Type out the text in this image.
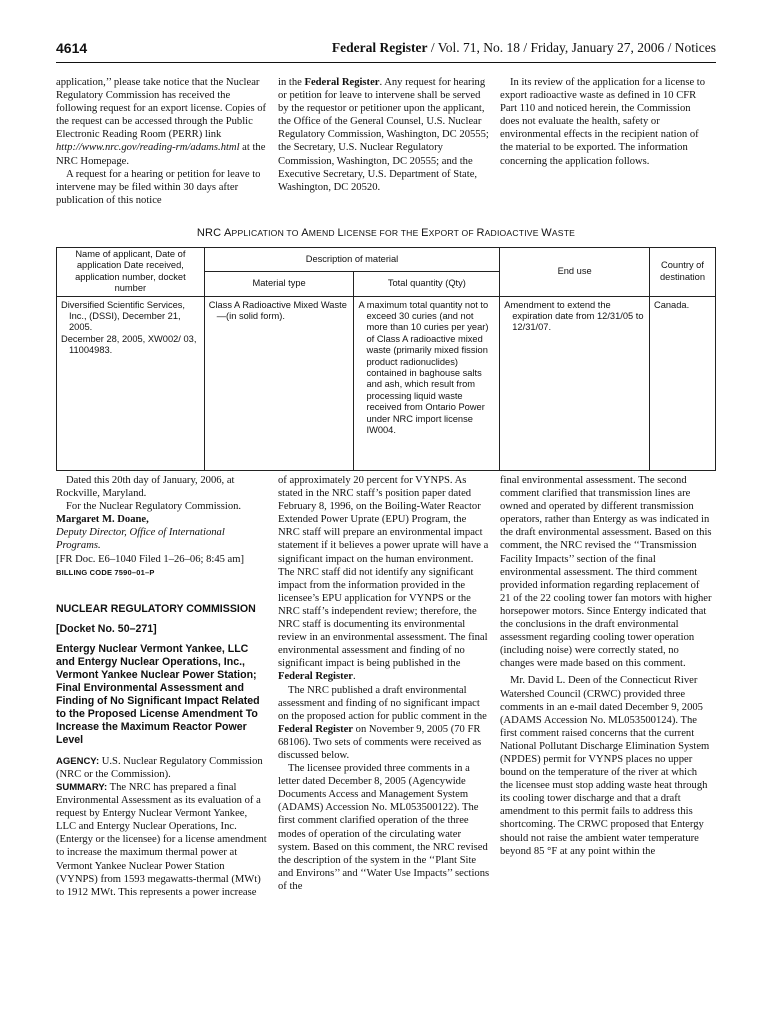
4614	Federal Register / Vol. 71, No. 18 / Friday, January 27, 2006 / Notices

application,’’ please take notice that the Nuclear Regulatory Commission has received the following request for an export license. Copies of the request can be accessed through the Public Electronic Reading Room (PERR) link http://www.nrc.gov/reading-rm/adams.html at the NRC Homepage.

A request for a hearing or petition for leave to intervene may be filed within 30 days after publication of this notice

in the Federal Register. Any request for hearing or petition for leave to intervene shall be served by the requestor or petitioner upon the applicant, the Office of the General Counsel, U.S. Nuclear Regulatory Commission, Washington, DC 20555; the Secretary, U.S. Nuclear Regulatory Commission, Washington, DC 20555; and the Executive Secretary, U.S. Department of State, Washington, DC 20520.

In its review of the application for a license to export radioactive waste as defined in 10 CFR Part 110 and noticed herein, the Commission does not evaluate the health, safety or environmental effects in the recipient nation of the material to be exported. The information concerning the application follows.

NRC APPLICATION TO AMEND LICENSE FOR THE EXPORT OF RADIOACTIVE WASTE
Name of applicant, Date of application Date received, application number, docket number	Description of material		End use	Country of destination
	Material type	Total quantity (Qty)		

Diversified Scientific Services, Inc., (DSSI), December 21, 2005.
December 28, 2005, XW002/ 03, 11004983.	Class A Radioactive Mixed Waste—(in solid form).	A maximum total quantity not to exceed 30 curies (and not more than 10 curies per year) of Class A radioactive mixed waste (primarily mixed fission product radionuclides) contained in baghouse salts and ash, which result from processing liquid waste received from Ontario Power under NRC import license IW004.	Amendment to extend the expiration date from 12/31/05 to 12/31/07.	Canada.

Dated this 20th day of January, 2006, at Rockville, Maryland.

For the Nuclear Regulatory Commission.

Margaret M. Doane,

Deputy Director, Office of International Programs.

[FR Doc. E6–1040 Filed 1–26–06; 8:45 am]

BILLING CODE 7590–01–P

NUCLEAR REGULATORY COMMISSION

[Docket No. 50–271]

Entergy Nuclear Vermont Yankee, LLC and Entergy Nuclear Operations, Inc., Vermont Yankee Nuclear Power Station; Final Environmental Assessment and Finding of No Significant Impact Related to the Proposed License Amendment To Increase the Maximum Reactor Power Level

AGENCY: U.S. Nuclear Regulatory Commission (NRC or the Commission).

SUMMARY: The NRC has prepared a final Environmental Assessment as its evaluation of a request by Entergy Nuclear Vermont Yankee, LLC and Entergy Nuclear Operations, Inc. (Entergy or the licensee) for a license amendment to increase the maximum thermal power at Vermont Yankee Nuclear Power Station (VYNPS) from 1593 megawatts-thermal (MWt) to 1912 MWt. This represents a power increase

of approximately 20 percent for VYNPS. As stated in the NRC staff’s position paper dated February 8, 1996, on the Boiling-Water Reactor Extended Power Uprate (EPU) Program, the NRC staff will prepare an environmental impact statement if it believes a power uprate will have a significant impact on the human environment. The NRC staff did not identify any significant impact from the information provided in the licensee’s EPU application for VYNPS or the NRC staff’s independent review; therefore, the NRC staff is documenting its environmental review in an environmental assessment. The final environmental assessment and finding of no significant impact is being published in the Federal Register.

The NRC published a draft environmental assessment and finding of no significant impact on the proposed action for public comment in the Federal Register on November 9, 2005 (70 FR 68106). Two sets of comments were received as discussed below.

The licensee provided three comments in a letter dated December 8, 2005 (Agencywide Documents Access and Management System (ADAMS) Accession No. ML053500122). The first comment clarified operation of the three modes of operation of the circulating water system. Based on this comment, the NRC revised the description of the system in the ‘‘Plant Site and Environs’’ and ‘‘Water Use Impacts’’ sections of the

final environmental assessment. The second comment clarified that transmission lines are owned and operated by different transmission operators, rather than Entergy as was indicated in the draft environmental assessment. Based on this comment, the NRC revised the ‘‘Transmission Facility Impacts’’ section of the final environmental assessment. The third comment provided information regarding replacement of 21 of the 22 cooling tower fan motors with higher horsepower motors. Since Entergy indicated that the conclusions in the draft environmental assessment regarding cooling tower operation (including noise) were correctly stated, no changes were made based on this comment.

Mr. David L. Deen of the Connecticut River Watershed Council (CRWC) provided three comments in an e-mail dated December 9, 2005 (ADAMS Accession No. ML053500124). The first comment raised concerns that the current National Pollutant Discharge Elimination System (NPDES) permit for VYNPS places no upper bound on the temperature of the river at which the licensee must stop adding waste heat through its cooling tower discharge and that a draft amendment to this permit fails to address this shortcoming. The CRWC proposed that Entergy should not raise the ambient water temperature beyond 85 °F at any point within the
